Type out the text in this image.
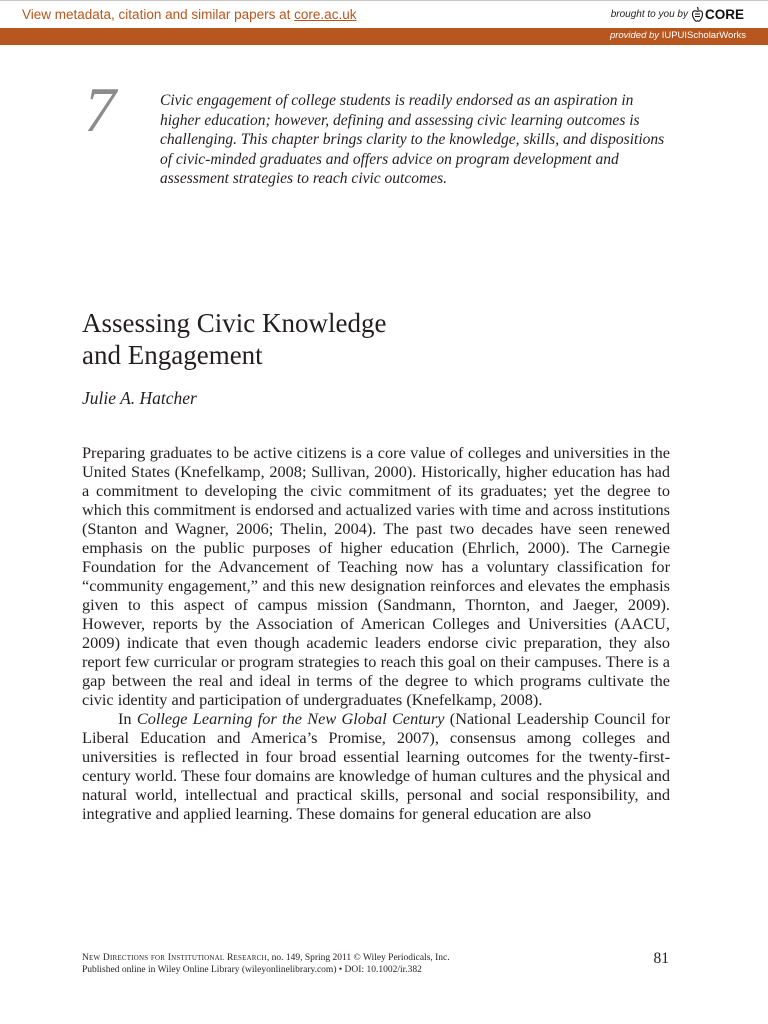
View metadata, citation and similar papers at core.ac.uk	brought to you by CORE
provided by IUPUIScholarWorks
7	Civic engagement of college students is readily endorsed as an aspiration in higher education; however, defining and assessing civic learning outcomes is challenging. This chapter brings clarity to the knowledge, skills, and dispositions of civic-minded graduates and offers advice on program development and assessment strategies to reach civic outcomes.
Assessing Civic Knowledge
and Engagement
Julie A. Hatcher

Preparing graduates to be active citizens is a core value of colleges and universities in the United States (Knefelkamp, 2008; Sullivan, 2000). Historically, higher education has had a commitment to developing the civic commitment of its graduates; yet the degree to which this commitment is endorsed and actualized varies with time and across institutions (Stanton and Wagner, 2006; Thelin, 2004). The past two decades have seen renewed emphasis on the public purposes of higher education (Ehrlich, 2000). The Carnegie Foundation for the Advancement of Teaching now has a voluntary classification for “community engagement,” and this new designation reinforces and elevates the emphasis given to this aspect of campus mission (Sandmann, Thornton, and Jaeger, 2009). However, reports by the Association of American Colleges and Universities (AACU, 2009) indicate that even though academic leaders endorse civic preparation, they also report few curricular or program strategies to reach this goal on their campuses. There is a gap between the real and ideal in terms of the degree to which programs cultivate the civic identity and participation of undergraduates (Knefelkamp, 2008).

In College Learning for the New Global Century (National Leadership Council for Liberal Education and America’s Promise, 2007), consensus among colleges and universities is reflected in four broad essential learning outcomes for the twenty-first-century world. These four domains are knowledge of human cultures and the physical and natural world, intellectual and practical skills, personal and social responsibility, and integrative and applied learning. These domains for general education are also

New Directions for Institutional Research, no. 149, Spring 2011 © Wiley Periodicals, Inc.
Published online in Wiley Online Library (wileyonlinelibrary.com) • DOI: 10.1002/ir.382
81
